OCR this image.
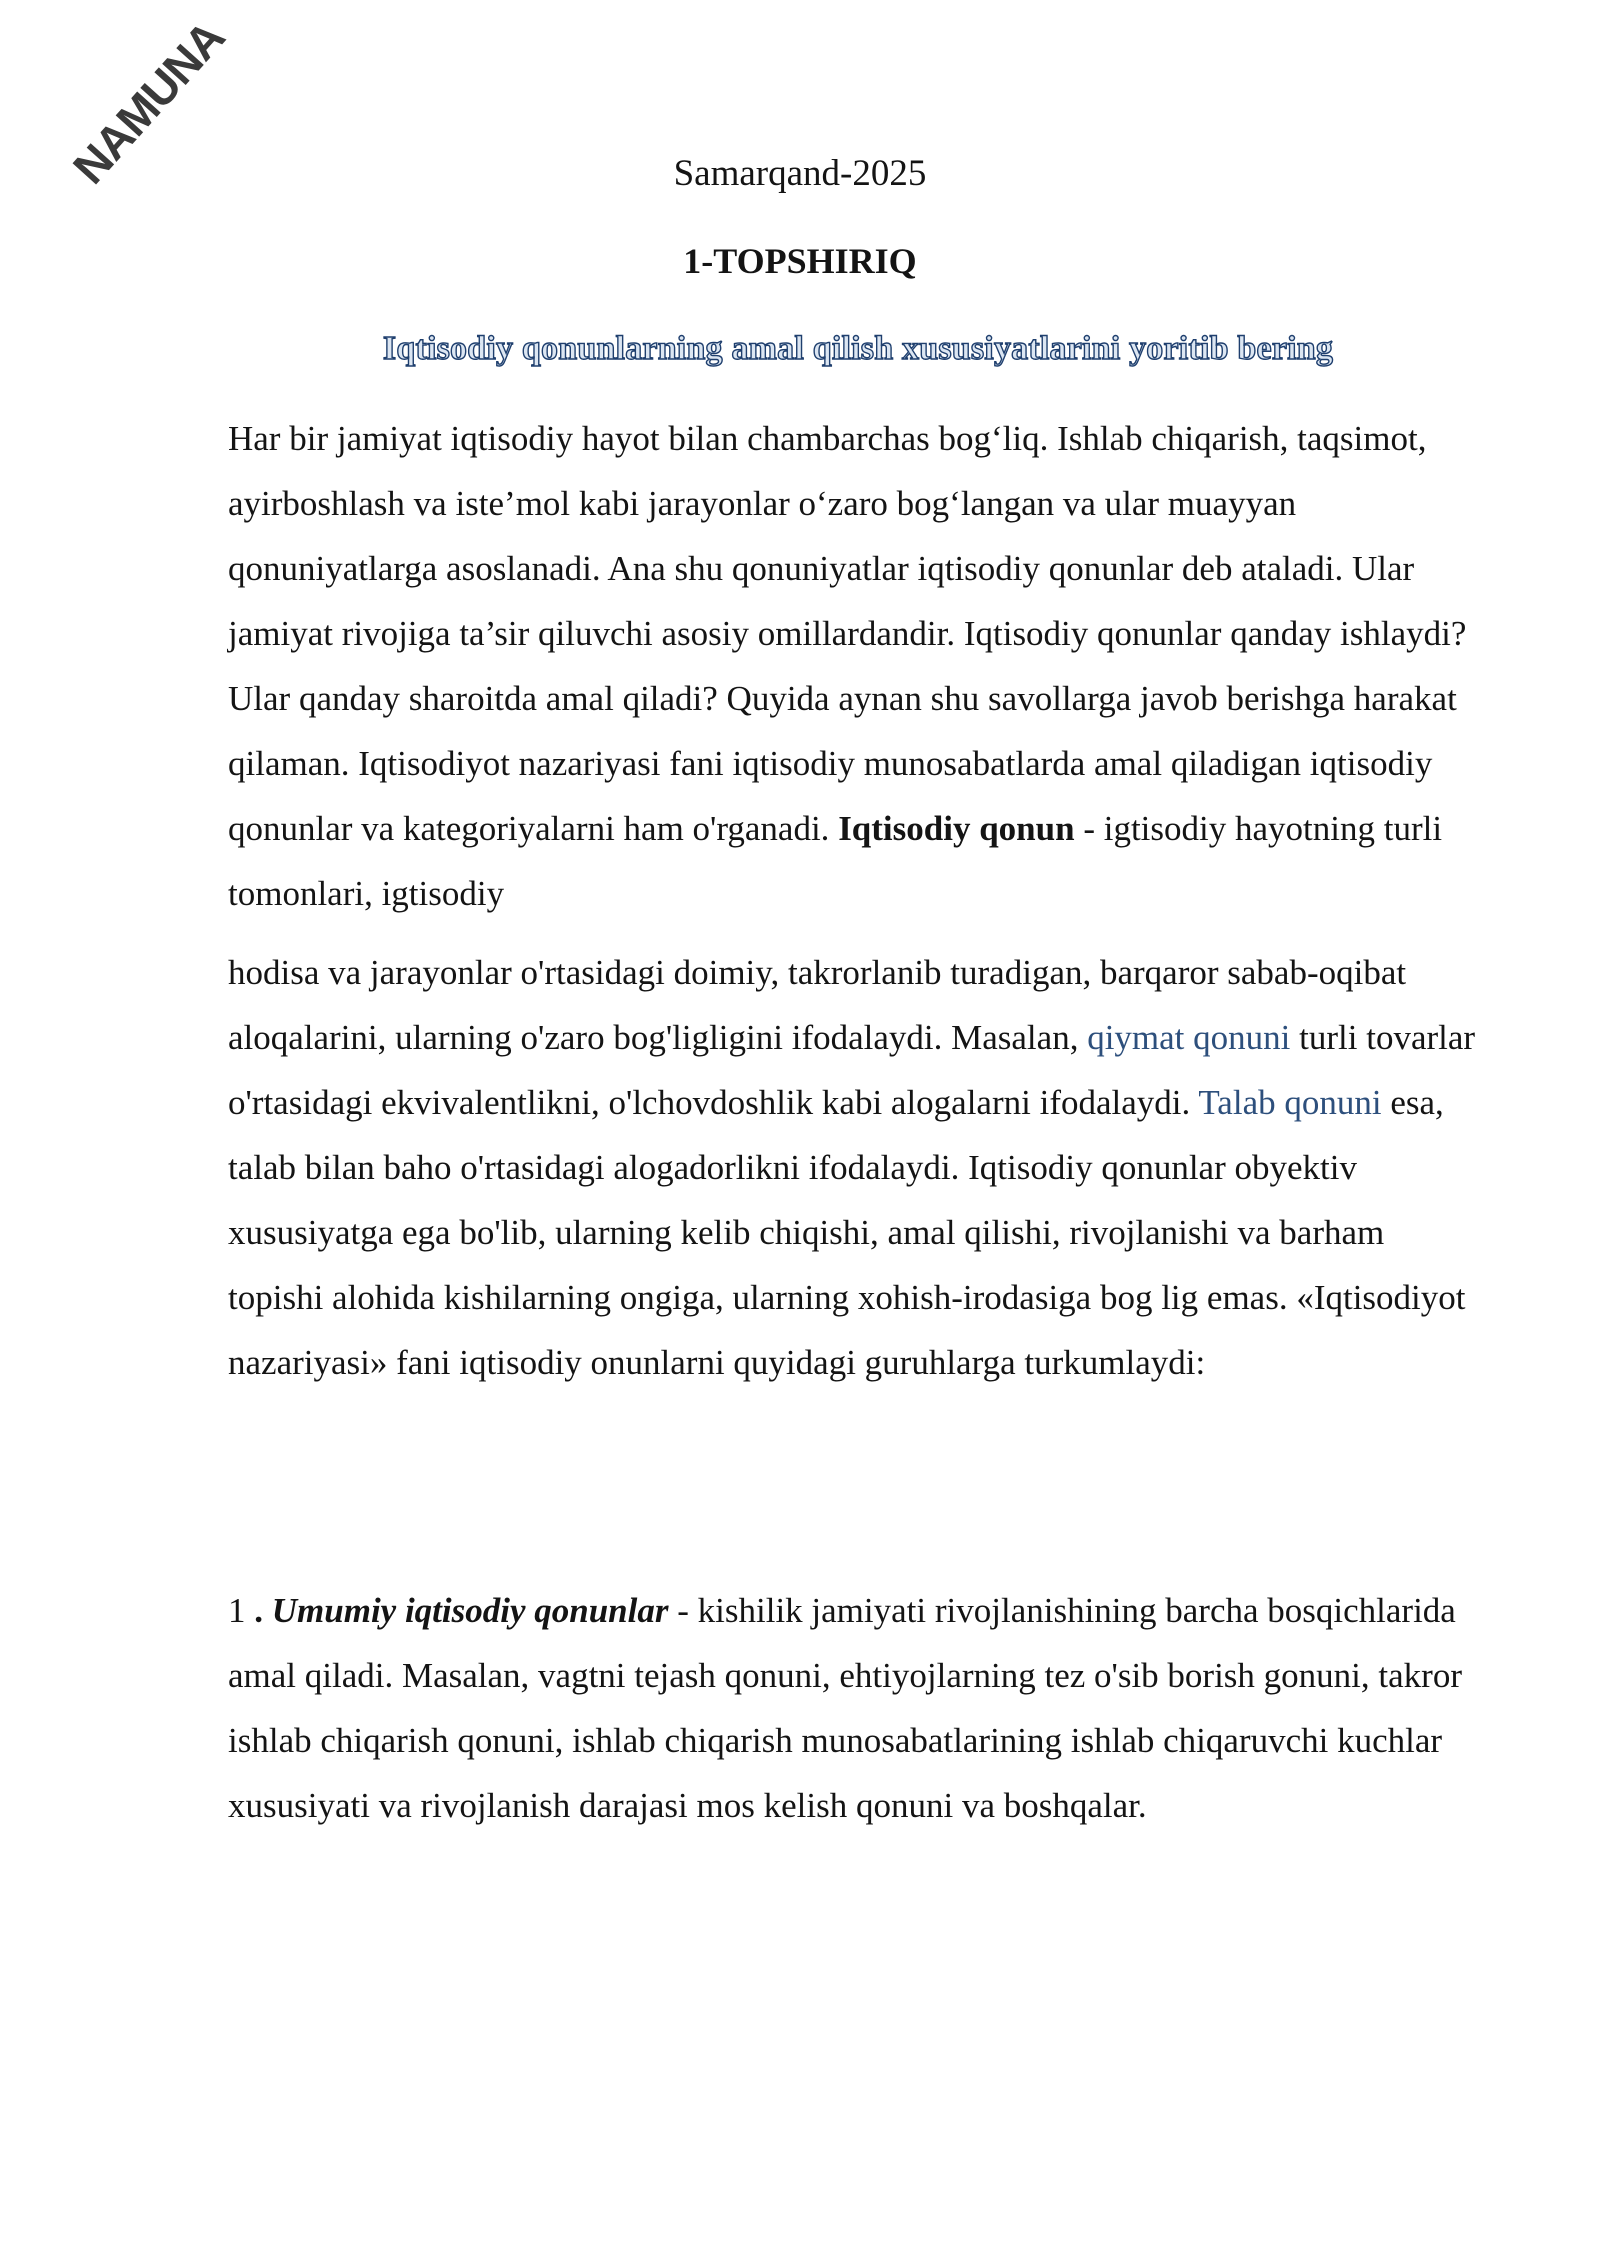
NAMUNA	Samarqand-2025
1-TOPSHIRIQ
Iqtisodiy qonunlarning amal qilish xususiyatlarini yoritib bering

Har bir jamiyat iqtisodiy hayot bilan chambarchas bog‘liq. Ishlab chiqarish, taqsimot, ayirboshlash va iste’mol kabi jarayonlar o‘zaro bog‘langan va ular muayyan qonuniyatlarga asoslanadi. Ana shu qonuniyatlar iqtisodiy qonunlar deb ataladi. Ular jamiyat rivojiga ta’sir qiluvchi asosiy omillardandir. Iqtisodiy qonunlar qanday ishlaydi? Ular qanday sharoitda amal qiladi? Quyida aynan shu savollarga javob berishga harakat qilaman. Iqtisodiyot nazariyasi fani iqtisodiy munosabatlarda amal qiladigan iqtisodiy qonunlar va kategoriyalarni ham o'rganadi. Iqtisodiy qonun - igtisodiy hayotning turli tomonlari, igtisodiy

hodisa va jarayonlar o'rtasidagi doimiy, takrorlanib turadigan, barqaror sabab-oqibat aloqalarini, ularning o'zaro bog'ligligini ifodalaydi. Masalan, qiymat qonuni turli tovarlar o'rtasidagi ekvivalentlikni, o'lchovdoshlik kabi alogalarni ifodalaydi. Talab qonuni esa, talab bilan baho o'rtasidagi alogadorlikni ifodalaydi. Iqtisodiy qonunlar obyektiv xususiyatga ega bo'lib, ularning kelib chiqishi, amal qilishi, rivojlanishi va barham topishi alohida kishilarning ongiga, ularning xohish-irodasiga bog lig emas. «Iqtisodiyot nazariyasi» fani iqtisodiy onunlarni quyidagi guruhlarga turkumlaydi:

1 . Umumiy iqtisodiy qonunlar - kishilik jamiyati rivojlanishining barcha bosqichlarida amal qiladi. Masalan, vagtni tejash qonuni, ehtiyojlarning tez o'sib borish gonuni, takror ishlab chiqarish qonuni, ishlab chiqarish munosabatlarining ishlab chiqaruvchi kuchlar xususiyati va rivojlanish darajasi mos kelish qonuni va boshqalar.
